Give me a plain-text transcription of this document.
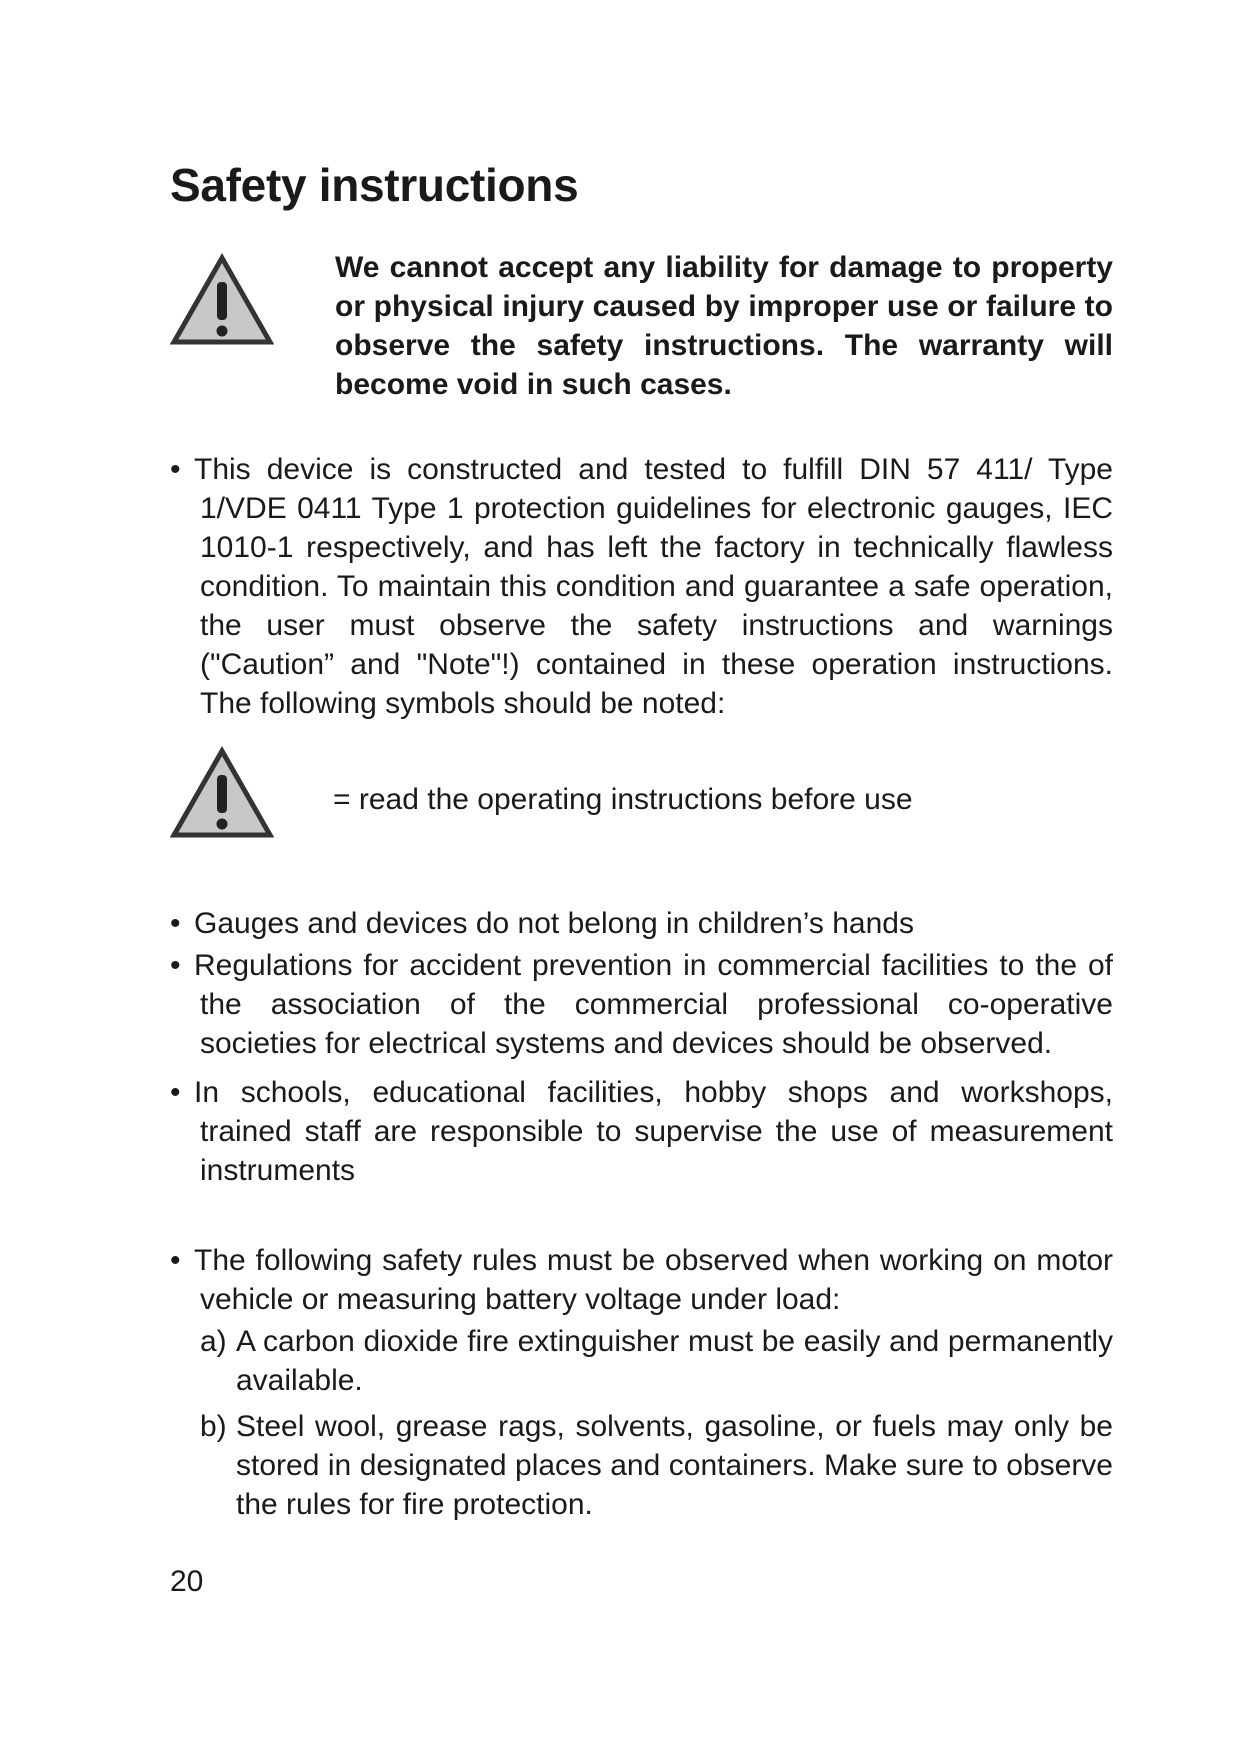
Safety instructions

We cannot accept any liability for damage to property or physical injury caused by improper use or failure to observe the safety instructions. The warranty will become void in such cases.

• This device is constructed and tested to fulfill DIN 57 411/ Type 1/VDE 0411 Type 1 protection guidelines for electronic gauges, IEC 1010-1 respectively, and has left the factory in technically flawless condition. To maintain this condition and guarantee a safe operation, the user must observe the safety instructions and warnings ("Caution” and "Note"!) contained in these operation instructions. The following symbols should be noted:

= read the operating instructions before use
• Gauges and devices do not belong in children’s hands

• Regulations for accident prevention in commercial facilities to the of the association of the commercial professional co-operative societies for electrical systems and devices should be observed.

• In schools, educational facilities, hobby shops and workshops, trained staff are responsible to supervise the use of measurement instruments

• The following safety rules must be observed when working on motor vehicle or measuring battery voltage under load:

a) A carbon dioxide fire extinguisher must be easily and permanently available.

b) Steel wool, grease rags, solvents, gasoline, or fuels may only be stored in designated places and containers. Make sure to observe the rules for fire protection.

20
